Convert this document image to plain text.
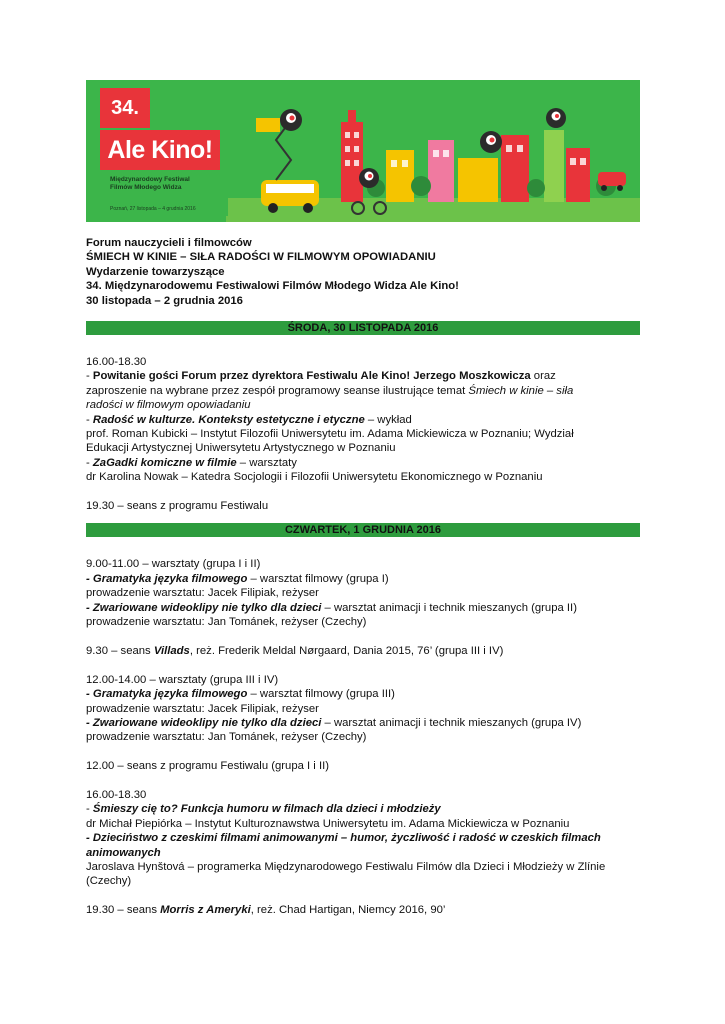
34.
Ale Kino!
Międzynarodowy Festiwal
Filmów Młodego Widza
Poznań, 27 listopada – 4 grudnia 2016

Forum nauczycieli i filmowców

ŚMIECH W KINIE – SIŁA RADOŚCI W FILMOWYM OPOWIADANIU

Wydarzenie towarzyszące

34. Międzynarodowemu Festiwalowi Filmów Młodego Widza Ale Kino!

30 listopada – 2 grudnia 2016

ŚRODA, 30 LISTOPADA 2016

16.00-18.30

- Powitanie gości Forum przez dyrektora Festiwalu Ale Kino! Jerzego Moszkowicza oraz

zaproszenie na wybrane przez zespół programowy seanse ilustrujące temat Śmiech w kinie – siła

radości w filmowym opowiadaniu

- Radość w kulturze. Konteksty estetyczne i etyczne – wykład

prof. Roman Kubicki – Instytut Filozofii Uniwersytetu im. Adama Mickiewicza w Poznaniu; Wydział

Edukacji Artystycznej Uniwersytetu Artystycznego w Poznaniu

- ZaGadki komiczne w filmie – warsztaty

dr Karolina Nowak – Katedra Socjologii i Filozofii Uniwersytetu Ekonomicznego w Poznaniu

19.30 – seans z programu Festiwalu

CZWARTEK, 1 GRUDNIA 2016

9.00-11.00 – warsztaty (grupa I i II)

- Gramatyka języka filmowego – warsztat filmowy (grupa I)

prowadzenie warsztatu: Jacek Filipiak, reżyser

- Zwariowane wideoklipy nie tylko dla dzieci – warsztat animacji i technik mieszanych (grupa II)

prowadzenie warsztatu: Jan Tománek, reżyser (Czechy)

9.30 – seans Villads, reż. Frederik Meldal Nørgaard, Dania 2015, 76’ (grupa III i IV)

12.00-14.00 – warsztaty (grupa III i IV)

- Gramatyka języka filmowego – warsztat filmowy (grupa III)

prowadzenie warsztatu: Jacek Filipiak, reżyser

- Zwariowane wideoklipy nie tylko dla dzieci – warsztat animacji i technik mieszanych (grupa IV)

prowadzenie warsztatu: Jan Tománek, reżyser (Czechy)

12.00 – seans z programu Festiwalu (grupa I i II)

16.00-18.30

- Śmieszy cię to? Funkcja humoru w filmach dla dzieci i młodzieży

dr Michał Piepiórka – Instytut Kulturoznawstwa Uniwersytetu im. Adama Mickiewicza w Poznaniu

- Dzieciństwo z czeskimi filmami animowanymi – humor, życzliwość i radość w czeskich filmach

animowanych

Jaroslava Hynštová – programerka Międzynarodowego Festiwalu Filmów dla Dzieci i Młodzieży w Zlínie

(Czechy)

19.30 – seans Morris z Ameryki, reż. Chad Hartigan, Niemcy 2016, 90’
